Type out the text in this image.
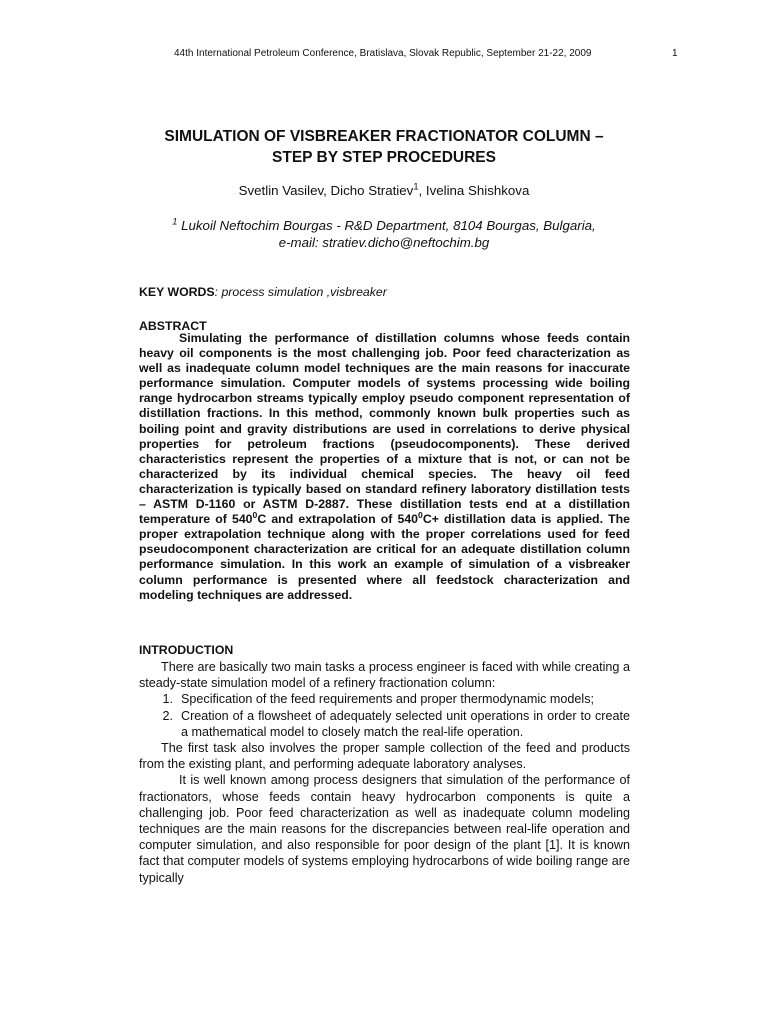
44th International Petroleum Conference, Bratislava, Slovak Republic, September 21-22, 2009	1
SIMULATION OF VISBREAKER FRACTIONATOR COLUMN –
STEP BY STEP PROCEDURES
Svetlin Vasilev, Dicho Stratiev$^1$, Ivelina Shishkova
$^1$ Lukoil Neftochim Bourgas - R&D Department, 8104 Bourgas, Bulgaria,
e-mail: stratiev.dicho@neftochim.bg
KEY WORDS: process simulation ,visbreaker
ABSTRACT

Simulating the performance of distillation columns whose feeds contain heavy oil components is the most challenging job. Poor feed characterization as well as inadequate column model techniques are the main reasons for inaccurate performance simulation. Computer models of systems processing wide boiling range hydrocarbon streams typically employ pseudo component representation of distillation fractions. In this method, commonly known bulk properties such as boiling point and gravity distributions are used in correlations to derive physical properties for petroleum fractions (pseudocomponents). These derived characteristics represent the properties of a mixture that is not, or can not be characterized by its individual chemical species. The heavy oil feed characterization is typically based on standard refinery laboratory distillation tests – ASTM D-1160 or ASTM D-2887. These distillation tests end at a distillation temperature of $540^0C$ and extrapolation of $540^0C+$ distillation data is applied. The proper extrapolation technique along with the proper correlations used for feed pseudocomponent characterization are critical for an adequate distillation column performance simulation. In this work an example of simulation of a visbreaker column performance is presented where all feedstock characterization and modeling techniques are addressed.

INTRODUCTION

There are basically two main tasks a process engineer is faced with while creating a steady-state simulation model of a refinery fractionation column:

1. Specification of the feed requirements and proper thermodynamic models;
2. Creation of a flowsheet of adequately selected unit operations in order to create a mathematical model to closely match the real-life operation.

The first task also involves the proper sample collection of the feed and products from the existing plant, and performing adequate laboratory analyses.

It is well known among process designers that simulation of the performance of fractionators, whose feeds contain heavy hydrocarbon components is quite a challenging job. Poor feed characterization as well as inadequate column modeling techniques are the main reasons for the discrepancies between real-life operation and computer simulation, and also responsible for poor design of the plant [1]. It is known fact that computer models of systems employing hydrocarbons of wide boiling range are typically
